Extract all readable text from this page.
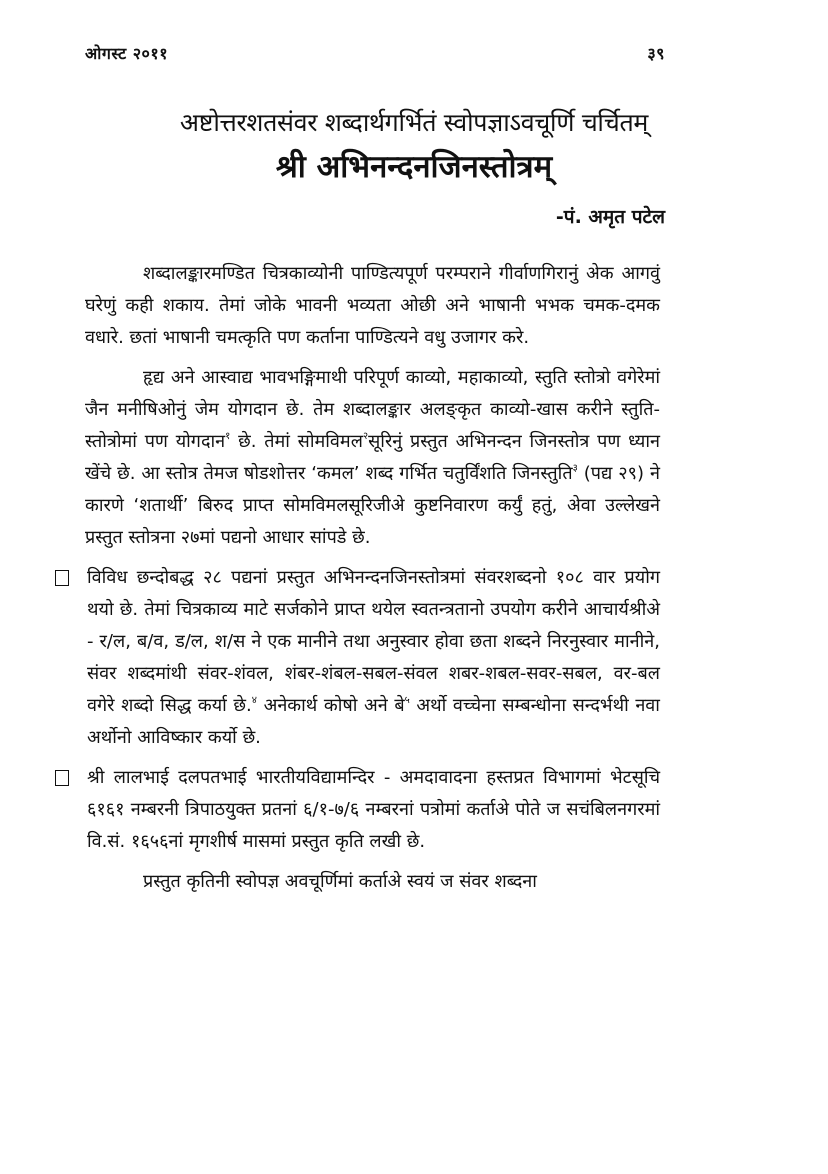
ओगस्ट २०११	३९
अष्टोत्तरशतसंवर शब्दार्थगर्भितं स्वोपज्ञाऽवचूर्णि चर्चितम्
श्री अभिनन्दनजिनस्तोत्रम्
-पं. अमृत पटेल

शब्दालङ्कारमण्डित चित्रकाव्योनी पाण्डित्यपूर्ण परम्पराने गीर्वाणगिरानुं अेक आगवुं घरेणुं कही शकाय. तेमां जोके भावनी भव्यता ओछी अने भाषानी भभक चमक-दमक वधारे. छतां भाषानी चमत्कृति पण कर्ताना पाण्डित्यने वधु उजागर करे.

हृद्य अने आस्वाद्य भावभङ्गिमाथी परिपूर्ण काव्यो, महाकाव्यो, स्तुति स्तोत्रो वगेरेमां जैन मनीषिओनुं जेम योगदान छे. तेम शब्दालङ्कार अलङ्कृत काव्यो-खास करीने स्तुति-स्तोत्रोमां पण योगदान$^१$ छे. तेमां सोमविमल$^२$सूरिनुं प्रस्तुत अभिनन्दन जिनस्तोत्र पण ध्यान खेंचे छे. आ स्तोत्र तेमज षोडशोत्तर ‘कमल’ शब्द गर्भित चतुर्विंशति जिनस्तुति$^३$ (पद्य २९) ने कारणे ‘शतार्थी’ बिरुद प्राप्त सोमविमलसूरिजीअे कुष्टनिवारण कर्युं हतुं, अेवा उल्लेखने प्रस्तुत स्तोत्रना २७मां पद्यनो आधार सांपडे छे.

विविध छन्दोबद्ध २८ पद्यनां प्रस्तुत अभिनन्दनजिनस्तोत्रमां संवरशब्दनो १०८ वार प्रयोग थयो छे. तेमां चित्रकाव्य माटे सर्जकोने प्राप्त थयेल स्वतन्त्रतानो उपयोग करीने आचार्यश्रीअे - र/ल, ब/व, ड/ल, श/स ने एक मानीने तथा अनुस्वार होवा छता शब्दने निरनुस्वार मानीने, संवर शब्दमांथी संवर-शंवल, शंबर-शंबल-सबल-संवल शबर-शबल-सवर-सबल, वर-बल वगेरे शब्दो सिद्ध कर्या छे.$^४$ अनेकार्थ कोषो अने बे$^५$ अर्थो वच्चेना सम्बन्धोना सन्दर्भथी नवा अर्थोनो आविष्कार कर्यो छे.
श्री लालभाई दलपतभाई भारतीयविद्यामन्दिर - अमदावादना हस्तप्रत विभागमां भेटसूचि ६१६१ नम्बरनी त्रिपाठयुक्त प्रतनां ६/१-७/६ नम्बरनां पत्रोमां कर्ताअे पोते ज सचंबिलनगरमां वि.सं. १६५६नां मृगशीर्ष मासमां प्रस्तुत कृति लखी छे.

प्रस्तुत कृतिनी स्वोपज्ञ अवचूर्णिमां कर्ताअे स्वयं ज संवर शब्दना
